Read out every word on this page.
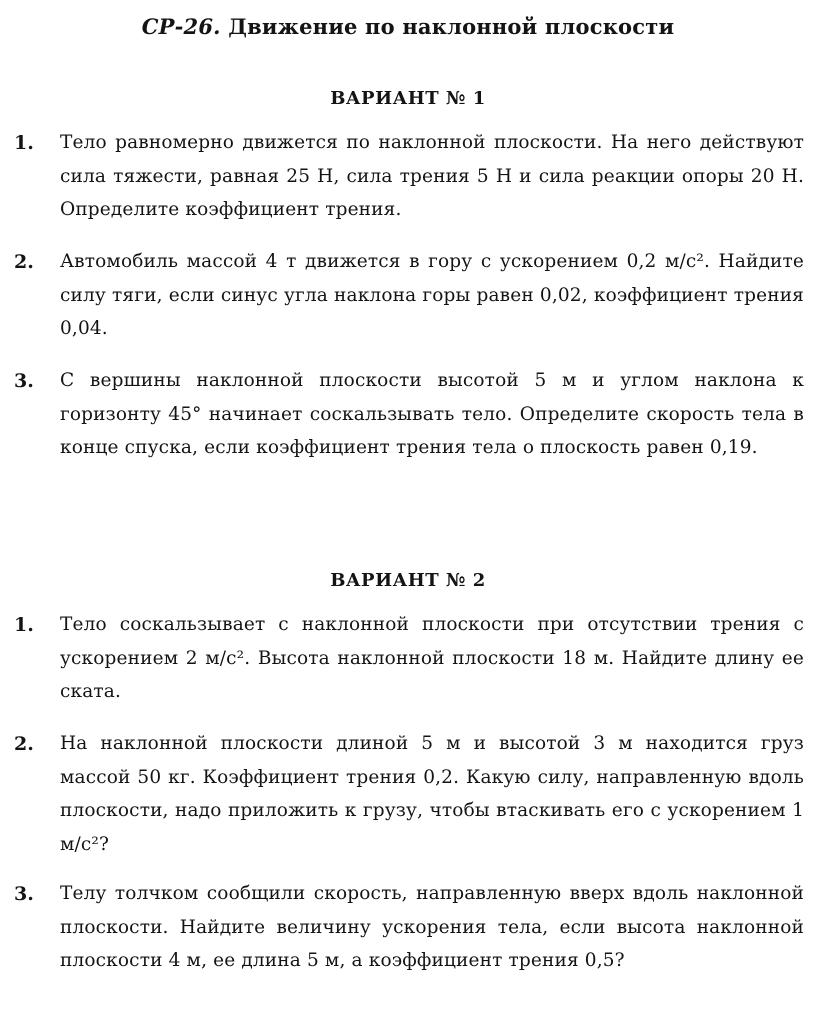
СР-26. Движение по наклонной плоскости
ВАРИАНТ № 1
1. Тело равномерно движется по наклонной плоскости. На него действуют сила тяжести, равная 25 Н, сила трения 5 Н и сила реакции опоры 20 Н. Определите коэффициент трения.
2. Автомобиль массой 4 т движется в гору с ускорением 0,2 м/с². Найдите силу тяги, если синус угла наклона горы равен 0,02, коэффициент трения 0,04.
3. С вершины наклонной плоскости высотой 5 м и углом наклона к горизонту 45° начинает соскальзывать тело. Определите скорость тела в конце спуска, если коэффициент трения тела о плоскость равен 0,19.
ВАРИАНТ № 2
1. Тело соскальзывает с наклонной плоскости при отсутствии трения с ускорением 2 м/с². Высота наклонной плоскости 18 м. Найдите длину ее ската.
2. На наклонной плоскости длиной 5 м и высотой 3 м находится груз массой 50 кг. Коэффициент трения 0,2. Какую силу, направленную вдоль плоскости, надо приложить к грузу, чтобы втаскивать его с ускорением 1 м/с²?
3. Телу толчком сообщили скорость, направленную вверх вдоль наклонной плоскости. Найдите величину ускорения тела, если высота наклонной плоскости 4 м, ее длина 5 м, а коэффициент трения 0,5?
